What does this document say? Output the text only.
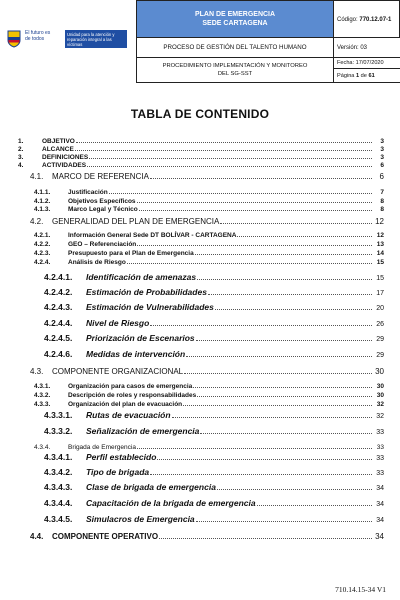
El futuro es de todos
Unidad para la atención y reparación integral a las víctimas
PLAN DE EMERGENCIA
SEDE CARTAGENA
PROCESO DE GESTIÓN DEL TALENTO HUMANO
PROCEDIMIENTO IMPLEMENTACIÓN Y MONITOREO
DEL SG-SST
Código: 770.12.07-1
Versión: 03
Fecha: 17/07/2020
Página 1 de 61
TABLA DE CONTENIDO
1.	OBJETIVO	3
2.	ALCANCE	3
3.	DEFINICIONES	3
4.	ACTIVIDADES	6
4.1. MARCO DE REFERENCIA	6
4.1.1.	Justificación	7
4.1.2.	Objetivos Específicos	8
4.1.3.	Marco Legal y Técnico	8
4.2. GENERALIDAD DEL PLAN DE EMERGENCIA	12
4.2.1.	Información General Sede DT BOLÍVAR - CARTAGENA	12
4.2.2.	GEO – Referenciación	13
4.2.3.	Presupuesto para el Plan de Emergencia	14
4.2.4.	Análisis de Riesgo	15
4.2.4.1. Identificación de amenazas	15
4.2.4.2. Estimación de Probabilidades	17
4.2.4.3. Estimación de Vulnerabilidades	20
4.2.4.4. Nivel de Riesgo	26
4.2.4.5. Priorización de Escenarios	29
4.2.4.6. Medidas de intervención	29
4.3. COMPONENTE ORGANIZACIONAL	30
4.3.1.	Organización para casos de emergencia	30
4.3.2.	Descripción de roles y responsabilidades	30
4.3.3.	Organización del plan de evacuación	32
4.3.3.1. Rutas de evacuación	32
4.3.3.2. Señalización de emergencia	33
4.3.4.	Brigada de Emergencia	33
4.3.4.1. Perfil establecido	33
4.3.4.2. Tipo de brigada	33
4.3.4.3. Clase de brigada de emergencia	34
4.3.4.4. Capacitación de la brigada de emergencia	34
4.3.4.5. Simulacros de Emergencia	34
4.4. COMPONENTE OPERATIVO	34
710.14.15-34 V1
